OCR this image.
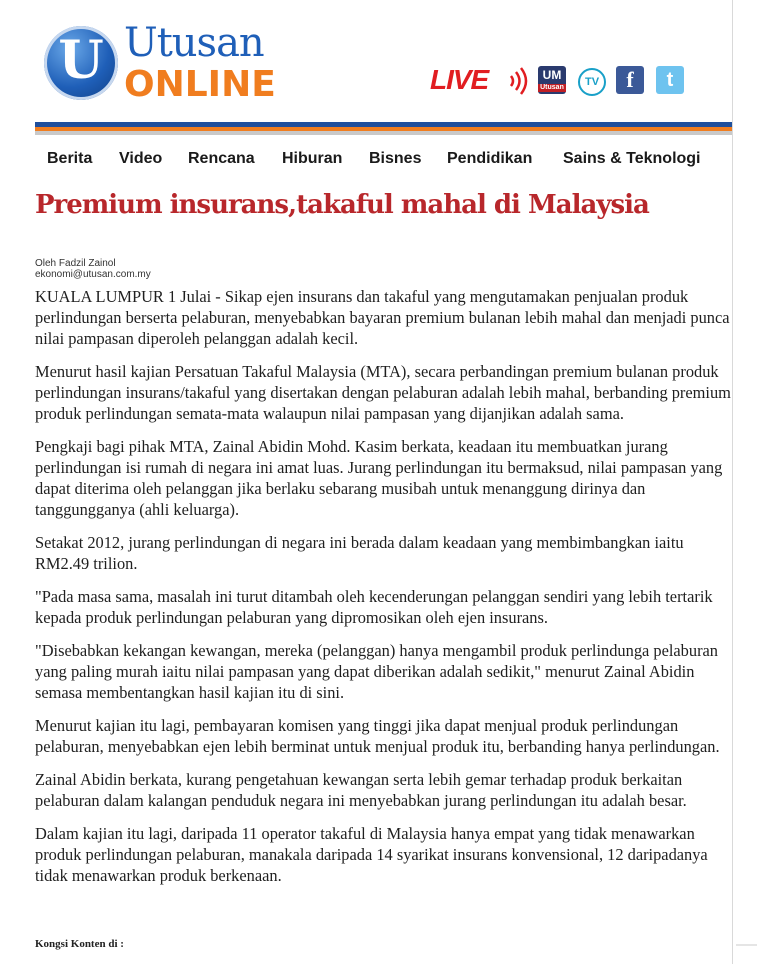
U Utusan
ONLINE	LIVE	UM
Utusan	TV	f	t
Berita Video Rencana Hiburan Bisnes Pendidikan Sains & Teknologi
Premium insurans,takaful mahal di Malaysia
Oleh Fadzil Zainol
ekonomi@utusan.com.my

KUALA LUMPUR 1 Julai - Sikap ejen insurans dan takaful yang mengutamakan penjualan produk perlindungan berserta pelaburan, menyebabkan bayaran premium bulanan lebih mahal dan menjadi punca nilai pampasan diperoleh pelanggan adalah kecil.

Menurut hasil kajian Persatuan Takaful Malaysia (MTA), secara perbandingan premium bulanan produk perlindungan insurans/takaful yang disertakan dengan pelaburan adalah lebih mahal, berbanding premium produk perlindungan semata-mata walaupun nilai pampasan yang dijanjikan adalah sama.

Pengkaji bagi pihak MTA, Zainal Abidin Mohd. Kasim berkata, keadaan itu membuatkan jurang perlindungan isi rumah di negara ini amat luas. Jurang perlindungan itu bermaksud, nilai pampasan yang dapat diterima oleh pelanggan jika berlaku sebarang musibah untuk menanggung dirinya dan tanggungganya (ahli keluarga).

Setakat 2012, jurang perlindungan di negara ini berada dalam keadaan yang membimbangkan iaitu RM2.49 trilion.

"Pada masa sama, masalah ini turut ditambah oleh kecenderungan pelanggan sendiri yang lebih tertarik kepada produk perlindungan pelaburan yang dipromosikan oleh ejen insurans.

"Disebabkan kekangan kewangan, mereka (pelanggan) hanya mengambil produk perlindunga pelaburan yang paling murah iaitu nilai pampasan yang dapat diberikan adalah sedikit," menurut Zainal Abidin semasa membentangkan hasil kajian itu di sini.

Menurut kajian itu lagi, pembayaran komisen yang tinggi jika dapat menjual produk perlindungan pelaburan, menyebabkan ejen lebih berminat untuk menjual produk itu, berbanding hanya perlindungan.

Zainal Abidin berkata, kurang pengetahuan kewangan serta lebih gemar terhadap produk berkaitan pelaburan dalam kalangan penduduk negara ini menyebabkan jurang perlindungan itu adalah besar.

Dalam kajian itu lagi, daripada 11 operator takaful di Malaysia hanya empat yang tidak menawarkan produk perlindungan pelaburan, manakala daripada 14 syarikat insurans konvensional, 12 daripadanya tidak menawarkan produk berkenaan.

Kongsi Konten di :
